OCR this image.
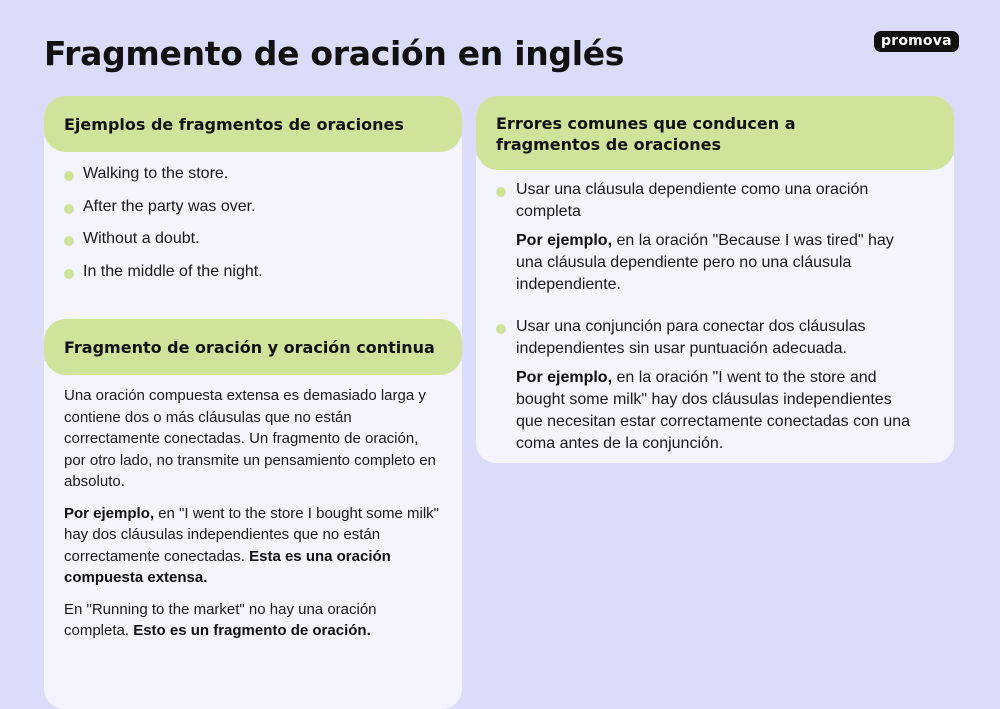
Fragmento de oración en inglés	promova
Ejemplos de fragmentos de oraciones
Walking to the store.
After the party was over.
Without a doubt.
In the middle of the night.
Fragmento de oración y oración continua

Una oración compuesta extensa es demasiado larga y contiene dos o más cláusulas que no están correctamente conectadas. Un fragmento de oración, por otro lado, no transmite un pensamiento completo en absoluto.

Por ejemplo, en "I went to the store I bought some milk" hay dos cláusulas independientes que no están correctamente conectadas. Esta es una oración compuesta extensa.

En "Running to the market" no hay una oración completa. Esto es un fragmento de oración.

Errores comunes que conducen a fragmentos de oraciones

Usar una cláusula dependiente como una oración completa

Por ejemplo, en la oración "Because I was tired" hay una cláusula dependiente pero no una cláusula independiente.

Usar una conjunción para conectar dos cláusulas independientes sin usar puntuación adecuada.

Por ejemplo, en la oración "I went to the store and bought some milk" hay dos cláusulas independientes que necesitan estar correctamente conectadas con una coma antes de la conjunción.
